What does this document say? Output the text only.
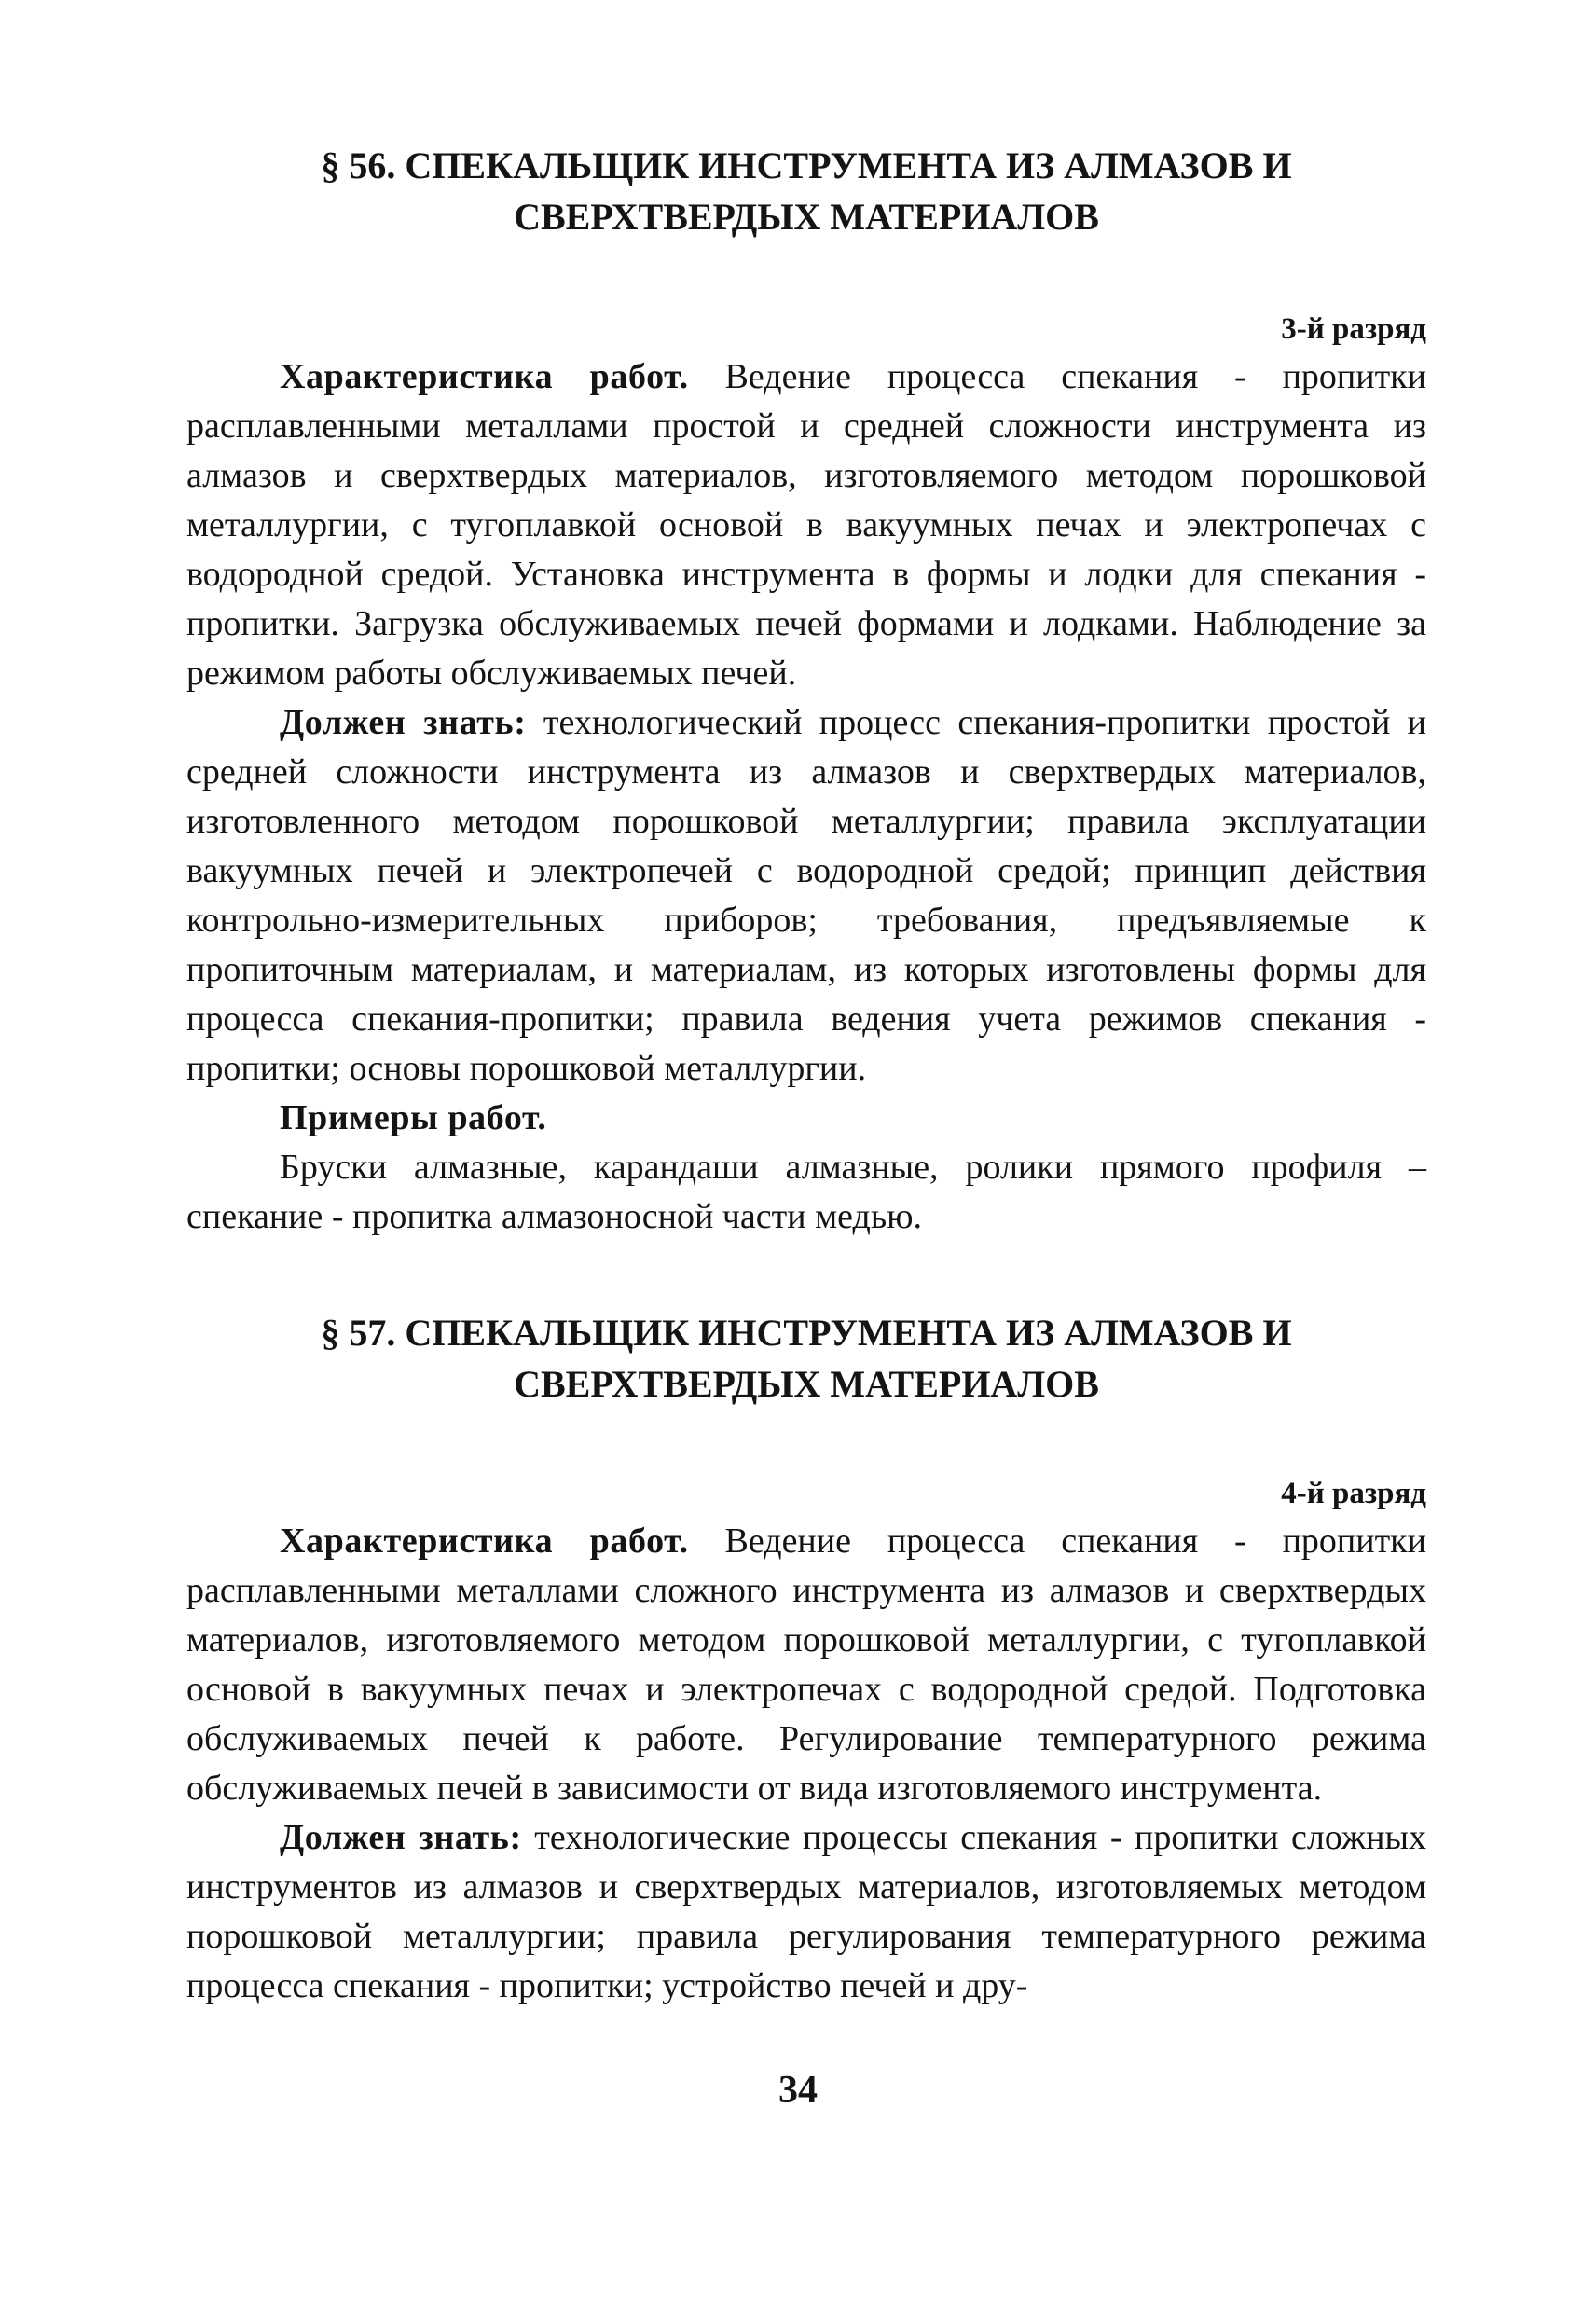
§ 56. СПЕКАЛЬЩИК ИНСТРУМЕНТА ИЗ АЛМАЗОВ И
СВЕРХТВЕРДЫХ МАТЕРИАЛОВ
3-й разряд

Характеристика работ. Ведение процесса спекания - пропитки расплавленными металлами простой и средней сложности инструмента из алмазов и сверхтвердых материалов, изготовляемого методом порошковой металлургии, с тугоплавкой основой в вакуумных печах и электропечах с водородной средой. Установка инструмента в формы и лодки для спекания - пропитки. Загрузка обслуживаемых печей формами и лодками. Наблюдение за режимом работы обслуживаемых печей.

Должен знать: технологический процесс спекания-пропитки простой и средней сложности инструмента из алмазов и сверхтвердых материалов, изготовленного методом порошковой металлургии; правила эксплуатации вакуумных печей и электропечей с водородной средой; принцип действия контрольно-измерительных приборов; требования, предъявляемые к пропиточным материалам, и материалам, из которых изготовлены формы для процесса спекания-пропитки; правила ведения учета режимов спекания - пропитки; основы порошковой металлургии.

Примеры работ.

Бруски алмазные, карандаши алмазные, ролики прямого профиля – спекание - пропитка алмазоносной части медью.

§ 57. СПЕКАЛЬЩИК ИНСТРУМЕНТА ИЗ АЛМАЗОВ И
СВЕРХТВЕРДЫХ МАТЕРИАЛОВ
4-й разряд

Характеристика работ. Ведение процесса спекания - пропитки расплавленными металлами сложного инструмента из алмазов и сверхтвердых материалов, изготовляемого методом порошковой металлургии, с тугоплавкой основой в вакуумных печах и электропечах с водородной средой. Подготовка обслуживаемых печей к работе. Регулирование температурного режима обслуживаемых печей в зависимости от вида изготовляемого инструмента.

Должен знать: технологические процессы спекания - пропитки сложных инструментов из алмазов и сверхтвердых материалов, изготовляемых методом порошковой металлургии; правила регулирования температурного режима процесса спекания - пропитки; устройство печей и дру-

34
